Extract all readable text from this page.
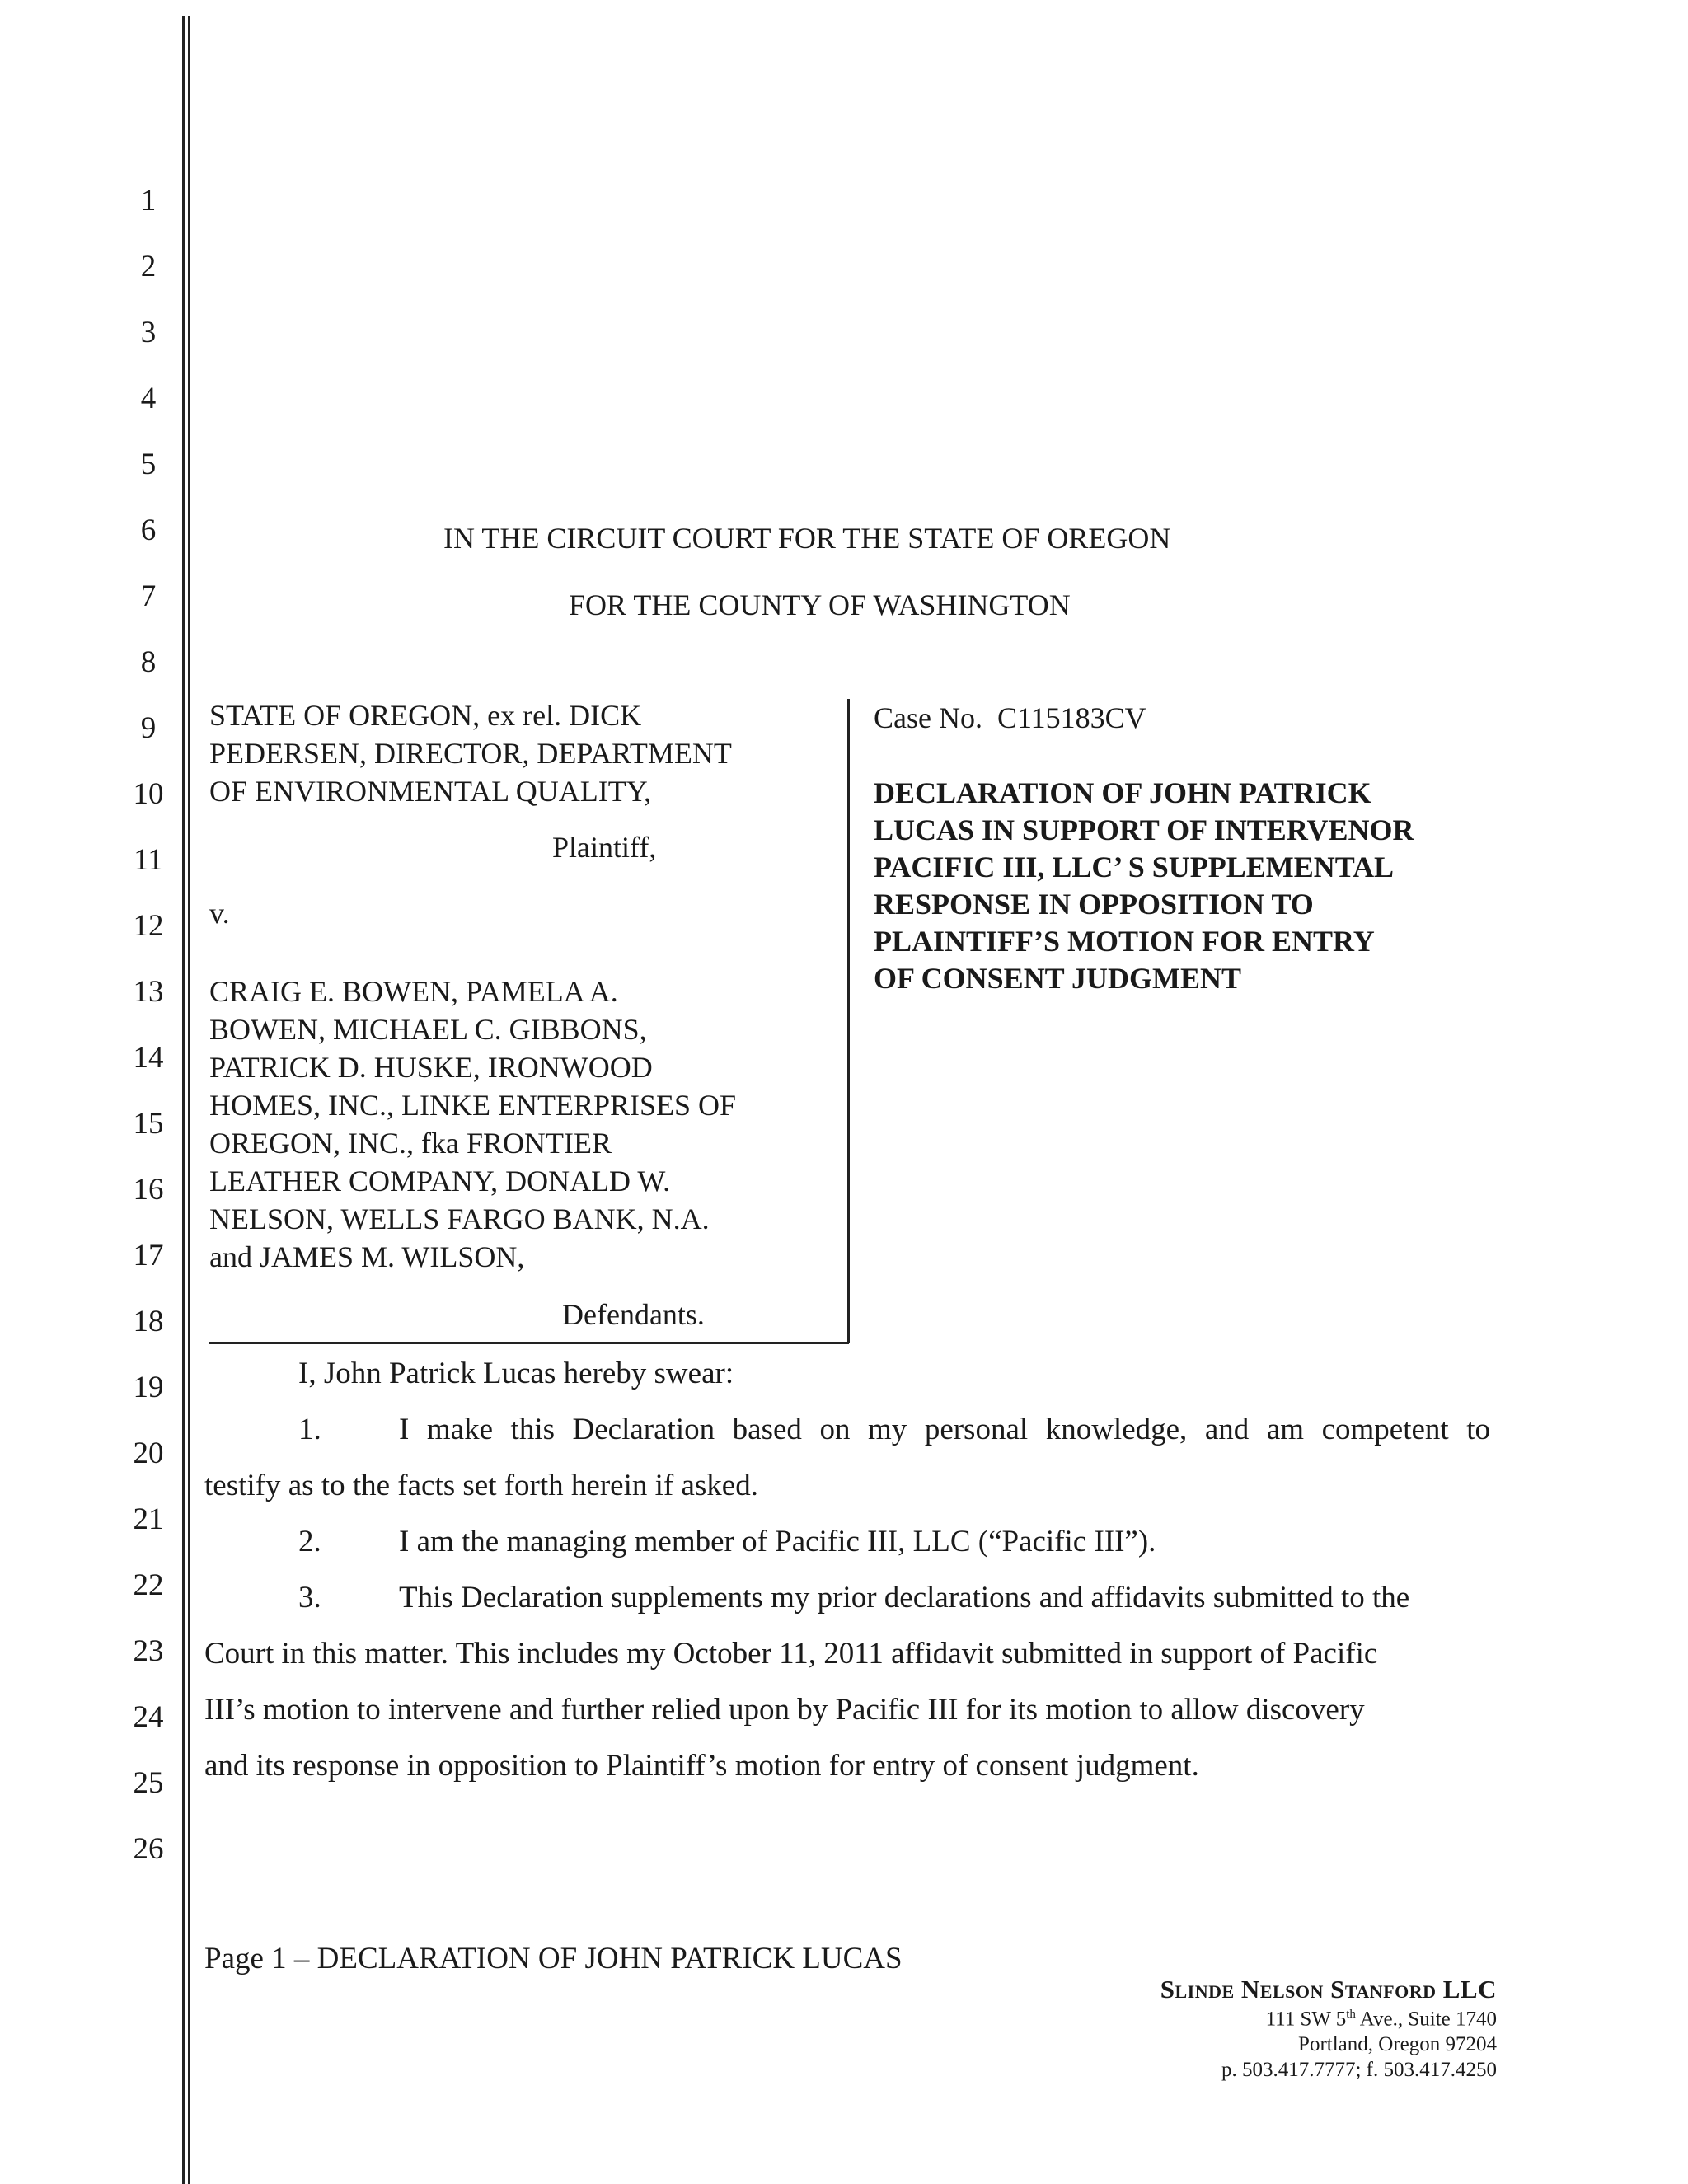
1
2
3
4
5
6
7
8
9
10
11
12
13
14
15
16
17
18
19
20
21
22
23
24
25
26
IN THE CIRCUIT COURT FOR THE STATE OF OREGON
FOR THE COUNTY OF WASHINGTON
STATE OF OREGON, ex rel. DICK
PEDERSEN, DIRECTOR, DEPARTMENT
OF ENVIRONMENTAL QUALITY,
Plaintiff,
v.
CRAIG E. BOWEN, PAMELA A.
BOWEN, MICHAEL C. GIBBONS,
PATRICK D. HUSKE, IRONWOOD
HOMES, INC., LINKE ENTERPRISES OF
OREGON, INC., fka FRONTIER
LEATHER COMPANY, DONALD W.
NELSON, WELLS FARGO BANK, N.A.
and JAMES M. WILSON,
Defendants.
Case No.  C115183CV
DECLARATION OF JOHN PATRICK
LUCAS IN SUPPORT OF INTERVENOR
PACIFIC III, LLC’ S SUPPLEMENTAL
RESPONSE IN OPPOSITION TO
PLAINTIFF’S MOTION FOR ENTRY
OF CONSENT JUDGMENT
I, John Patrick Lucas hereby swear:
1.	I make this Declaration based on my personal knowledge, and am competent to
testify as to the facts set forth herein if asked.
2.	I am the managing member of Pacific III, LLC (“Pacific III”).
3.	This Declaration supplements my prior declarations and affidavits submitted to the
Court in this matter. This includes my October 11, 2011 affidavit submitted in support of Pacific
III’s motion to intervene and further relied upon by Pacific III for its motion to allow discovery
and its response in opposition to Plaintiff’s motion for entry of consent judgment.
Page 1 – DECLARATION OF JOHN PATRICK LUCAS
Slinde Nelson Stanford LLC
111 SW 5th Ave., Suite 1740
Portland, Oregon 97204
p. 503.417.7777; f. 503.417.4250
